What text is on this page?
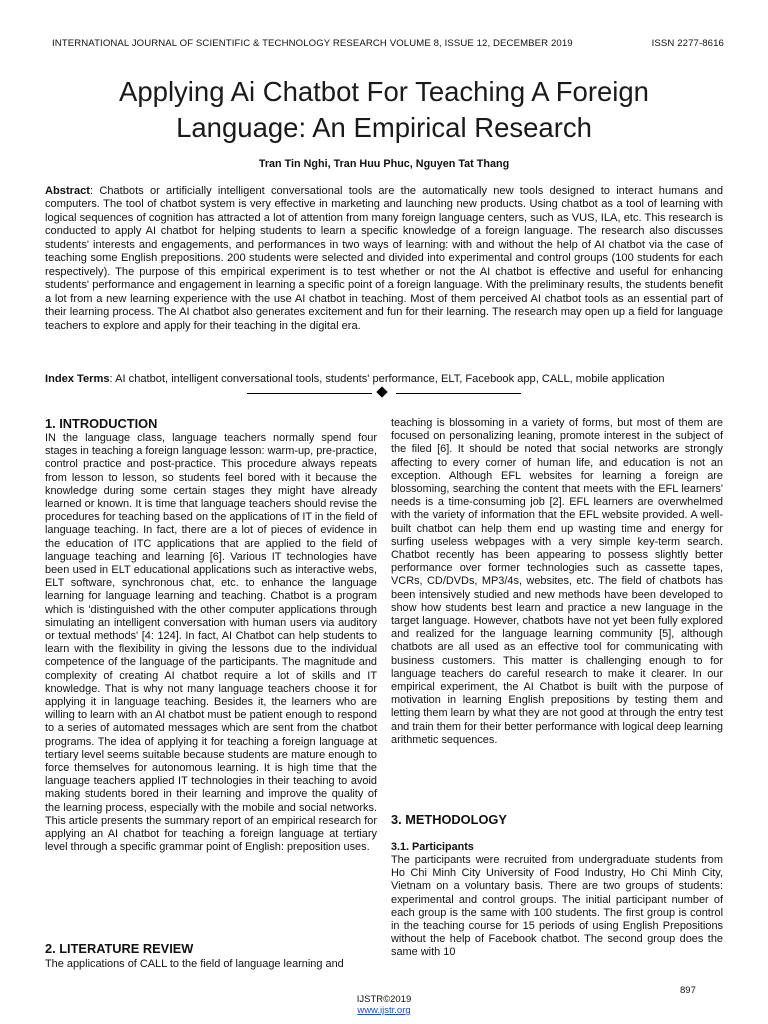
INTERNATIONAL JOURNAL OF SCIENTIFIC & TECHNOLOGY RESEARCH VOLUME 8, ISSUE 12, DECEMBER 2019	ISSN 2277-8616
Applying Ai Chatbot For Teaching A Foreign
Language: An Empirical Research
Tran Tin Nghi, Tran Huu Phuc, Nguyen Tat Thang

Abstract: Chatbots or artificially intelligent conversational tools are the automatically new tools designed to interact humans and computers. The tool of chatbot system is very effective in marketing and launching new products. Using chatbot as a tool of learning with logical sequences of cognition has attracted a lot of attention from many foreign language centers, such as VUS, ILA, etc. This research is conducted to apply AI chatbot for helping students to learn a specific knowledge of a foreign language. The research also discusses students' interests and engagements, and performances in two ways of learning: with and without the help of AI chatbot via the case of teaching some English prepositions. 200 students were selected and divided into experimental and control groups (100 students for each respectively). The purpose of this empirical experiment is to test whether or not the AI chatbot is effective and useful for enhancing students' performance and engagement in learning a specific point of a foreign language. With the preliminary results, the students benefit a lot from a new learning experience with the use AI chatbot in teaching. Most of them perceived AI chatbot tools as an essential part of their learning process. The AI chatbot also generates excitement and fun for their learning. The research may open up a field for language teachers to explore and apply for their teaching in the digital era.

Index Terms: AI chatbot, intelligent conversational tools, students' performance, ELT, Facebook app, CALL, mobile application

1. INTRODUCTION

IN the language class, language teachers normally spend four stages in teaching a foreign language lesson: warm-up, pre-practice, control practice and post-practice. This procedure always repeats from lesson to lesson, so students feel bored with it because the knowledge during some certain stages they might have already learned or known. It is time that language teachers should revise the procedures for teaching based on the applications of IT in the field of language teaching. In fact, there are a lot of pieces of evidence in the education of ITC applications that are applied to the field of language teaching and learning [6]. Various IT technologies have been used in ELT educational applications such as interactive webs, ELT software, synchronous chat, etc. to enhance the language learning for language learning and teaching. Chatbot is a program which is 'distinguished with the other computer applications through simulating an intelligent conversation with human users via auditory or textual methods' [4: 124]. In fact, AI Chatbot can help students to learn with the flexibility in giving the lessons due to the individual competence of the language of the participants. The magnitude and complexity of creating AI chatbot require a lot of skills and IT knowledge. That is why not many language teachers choose it for applying it in language teaching. Besides it, the learners who are willing to learn with an AI chatbot must be patient enough to respond to a series of automated messages which are sent from the chatbot programs. The idea of applying it for teaching a foreign language at tertiary level seems suitable because students are mature enough to force themselves for autonomous learning. It is high time that the language teachers applied IT technologies in their teaching to avoid making students bored in their learning and improve the quality of the learning process, especially with the mobile and social networks. This article presents the summary report of an empirical research for applying an AI chatbot for teaching a foreign language at tertiary level through a specific grammar point of English: preposition uses.

2. LITERATURE REVIEW

The applications of CALL to the field of language learning and

teaching is blossoming in a variety of forms, but most of them are focused on personalizing leaning, promote interest in the subject of the filed [6]. It should be noted that social networks are strongly affecting to every corner of human life, and education is not an exception. Although EFL websites for learning a foreign are blossoming, searching the content that meets with the EFL learners' needs is a time-consuming job [2]. EFL learners are overwhelmed with the variety of information that the EFL website provided. A well-built chatbot can help them end up wasting time and energy for surfing useless webpages with a very simple key-term search. Chatbot recently has been appearing to possess slightly better performance over former technologies such as cassette tapes, VCRs, CD/DVDs, MP3/4s, websites, etc. The field of chatbots has been intensively studied and new methods have been developed to show how students best learn and practice a new language in the target language. However, chatbots have not yet been fully explored and realized for the language learning community [5], although chatbots are all used as an effective tool for communicating with business customers. This matter is challenging enough to for language teachers do careful research to make it clearer. In our empirical experiment, the AI Chatbot is built with the purpose of motivation in learning English prepositions by testing them and letting them learn by what they are not good at through the entry test and train them for their better performance with logical deep learning arithmetic sequences.

3. METHODOLOGY
3.1. Participants

The participants were recruited from undergraduate students from Ho Chi Minh City University of Food Industry, Ho Chi Minh City, Vietnam on a voluntary basis. There are two groups of students: experimental and control groups. The initial participant number of each group is the same with 100 students. The first group is control in the teaching course for 15 periods of using English Prepositions without the help of Facebook chatbot. The second group does the same with 10

897
IJSTR©2019
www.ijstr.org
